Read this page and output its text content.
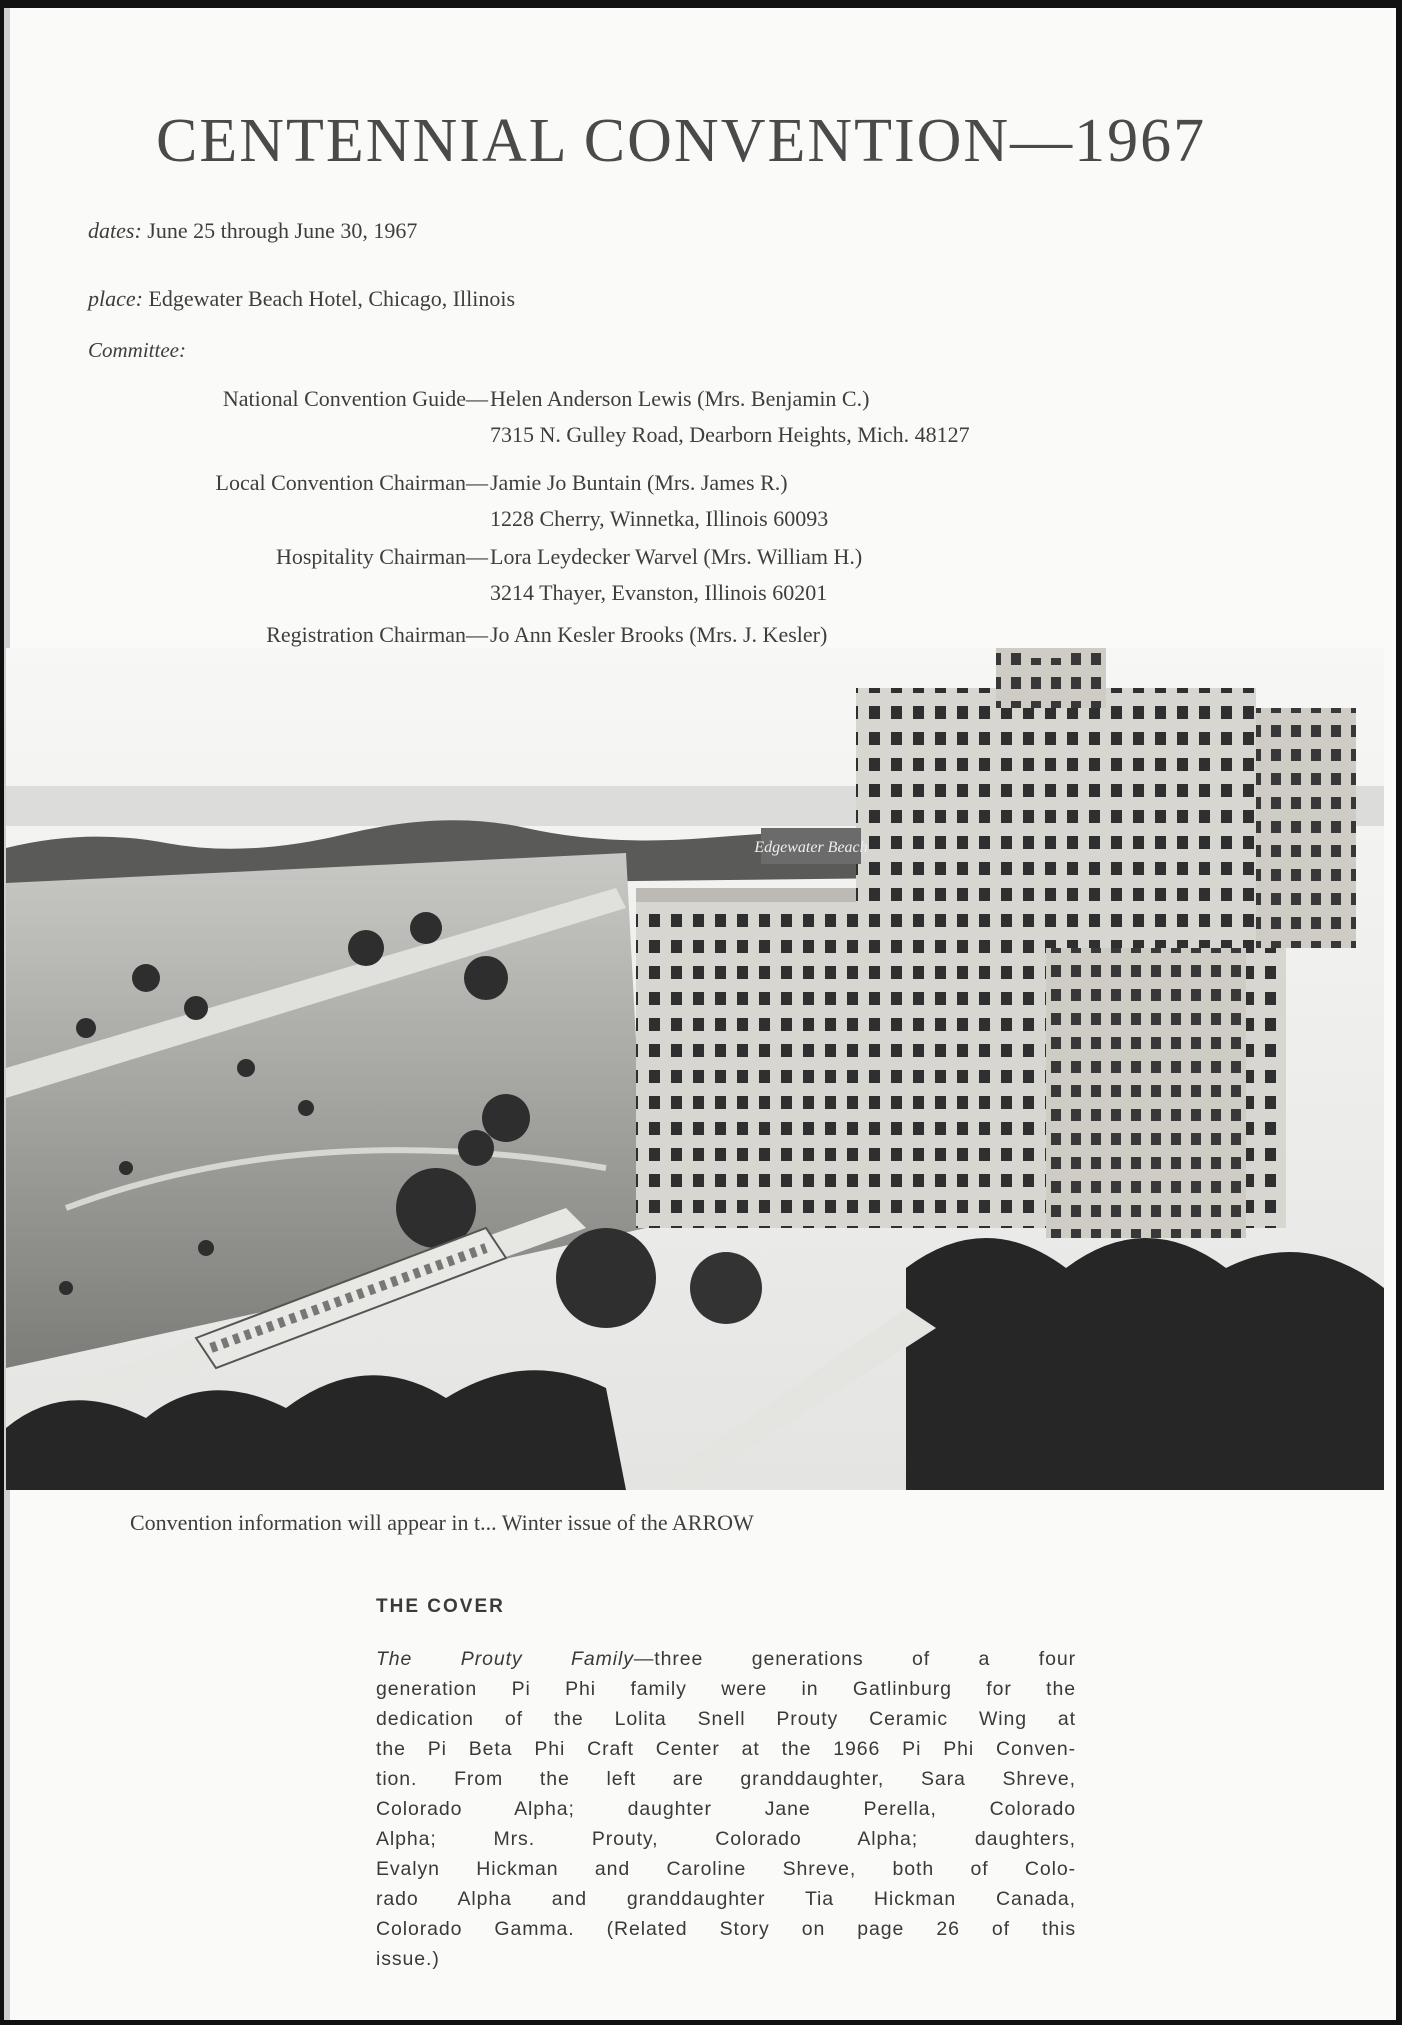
CENTENNIAL CONVENTION—1967
dates: June 25 through June 30, 1967
place: Edgewater Beach Hotel, Chicago, Illinois
Committee:
National Convention Guide— Helen Anderson Lewis (Mrs. Benjamin C.)
7315 N. Gulley Road, Dearborn Heights, Mich. 48127
Local Convention Chairman— Jamie Jo Buntain (Mrs. James R.)
1228 Cherry, Winnetka, Illinois 60093
Hospitality Chairman— Lora Leydecker Warvel (Mrs. William H.)
3214 Thayer, Evanston, Illinois 60201
Registration Chairman— Jo Ann Kesler Brooks (Mrs. J. Kesler)
Edgewater Beach
Convention information will appear in t... Winter issue of the ARROW
THE COVER
The Prouty Family—three generations of a four
generation Pi Phi family were in Gatlinburg for the
dedication of the Lolita Snell Prouty Ceramic Wing at
the Pi Beta Phi Craft Center at the 1966 Pi Phi Conven-
tion. From the left are granddaughter, Sara Shreve,
Colorado Alpha; daughter Jane Perella, Colorado
Alpha; Mrs. Prouty, Colorado Alpha; daughters,
Evalyn Hickman and Caroline Shreve, both of Colo-
rado Alpha and granddaughter Tia Hickman Canada,
Colorado Gamma. (Related Story on page 26 of this
issue.)
